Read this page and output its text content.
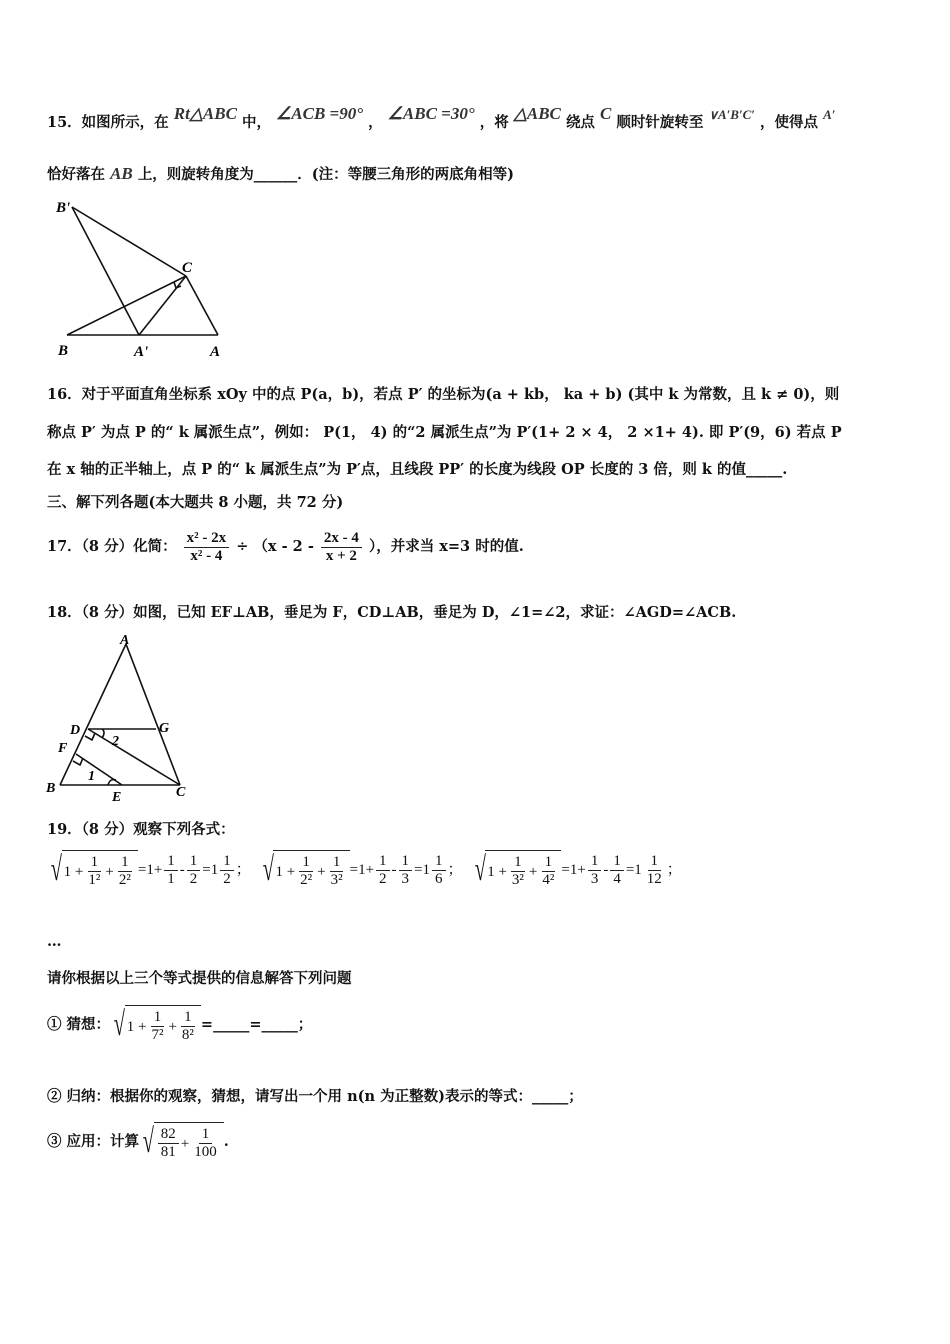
15．如图所示，在 Rt△ABC 中， ∠ACB =90° ， ∠ABC =30° ，将 △ABC 绕点 C 顺时针旋转至 ∨A′B′C′ ，使得点 A′
恰好落在 AB 上，则旋转角度为______．(注：等腰三角形的两底角相等)
B'
C
B	A'	A
16．对于平面直角坐标系 xOy 中的点 P(a，b)，若点 P′ 的坐标为(a + kb， ka + b) (其中 k 为常数，且 k ≠ 0)，则
称点 P′ 为点 P 的“ k 属派生点”，例如： P(1， 4) 的“2 属派生点”为 P′(1+ 2 × 4， 2 ×1+ 4). 即 P′(9，6) 若点 P
在 x 轴的正半轴上，点 P 的“ k 属派生点”为 P′点，且线段 PP′ 的长度为线段 OP 长度的 3 倍，则 k 的值_____.
三、解下列各题(本大题共 8 小题，共 72 分)
17．（8 分）化简： $\frac{\text{x² - 2x}}{\text{x² - 4}} \div (x - 2 - \frac{2x - 4}{x + 2}$ ），并求当 x=3 时的值.
18．（8 分）如图，已知 EF⊥AB，垂足为 F，CD⊥AB，垂足为 D，∠1=∠2，求证：∠AGD=∠ACB.
A
D	G
F	2
1
B
E	C
19．（8 分）观察下列各式：
√ $1 + \frac{1}{\text{1²}} + \frac{1}{\text{2²}} =1+ \frac{1}{1} - \frac{1}{2} =1 \frac{1}{2}$ ； √ $1 + \frac{1}{\text{2²}} + \frac{1}{\text{3²}} =1+ \frac{1}{2} - \frac{1}{3} =1 \frac{1}{6}$ ； √ $1 + \frac{1}{\text{3²}} + \frac{1}{\text{4²}} =1+ \frac{1}{3} - \frac{1}{4} =1 \frac{1}{12}$ ；
…
请你根据以上三个等式提供的信息解答下列问题
① 猜想： √ $1 + \frac{1}{\text{7²}} + \frac{1}{\text{8²}}$ =_____=_____；
② 归纳：根据你的观察，猜想，请写出一个用 n(n 为正整数)表示的等式：_____；
③ 应用：计算 √ $\frac{82}{81} + \frac{1}{100}$ .
